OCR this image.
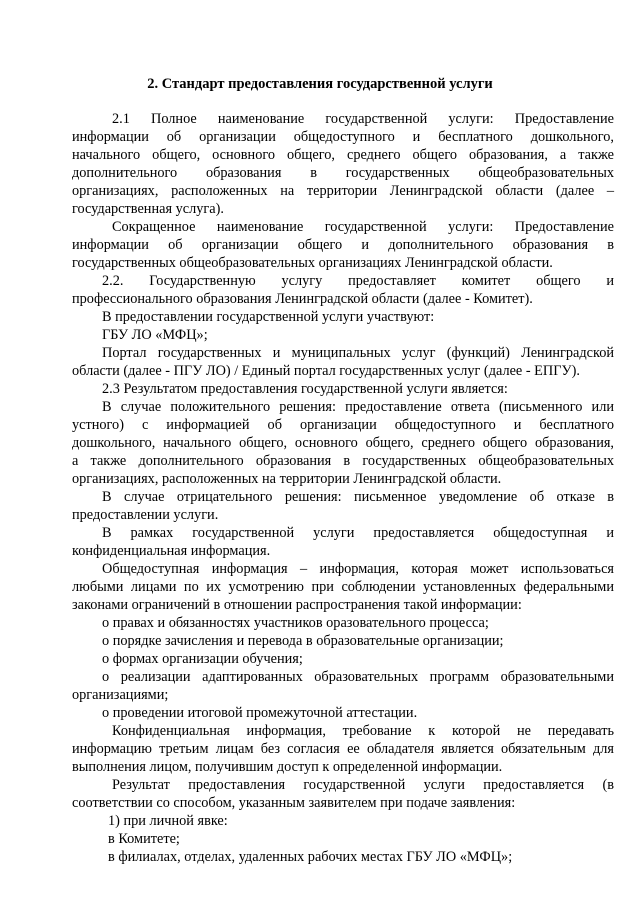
2. Стандарт предоставления государственной услуги
2.1 Полное наименование государственной услуги: Предоставление
информации об организации общедоступного и бесплатного дошкольного,
начального общего, основного общего, среднего общего образования, а также
дополнительного образования в государственных общеобразовательных
организациях, расположенных на территории Ленинградской области (далее –
государственная услуга).
Сокращенное наименование государственной услуги: Предоставление
информации об организации общего и дополнительного образования в
государственных общеобразовательных организациях Ленинградской области.
2.2. Государственную услугу предоставляет комитет общего и
профессионального образования Ленинградской области (далее - Комитет).
В предоставлении государственной услуги участвуют:
ГБУ ЛО «МФЦ»;
Портал государственных и муниципальных услуг (функций) Ленинградской
области (далее - ПГУ ЛО) / Единый портал государственных услуг (далее - ЕПГУ).
2.3 Результатом предоставления государственной услуги является:
В случае положительного решения: предоставление ответа (письменного или
устного) с информацией об организации общедоступного и бесплатного
дошкольного, начального общего, основного общего, среднего общего образования,
а также дополнительного образования в государственных общеобразовательных
организациях, расположенных на территории Ленинградской области.
В случае отрицательного решения: письменное уведомление об отказе в
предоставлении услуги.
В рамках государственной услуги предоставляется общедоступная и
конфиденциальная информация.
Общедоступная информация – информация, которая может использоваться
любыми лицами по их усмотрению при соблюдении установленных федеральными
законами ограничений в отношении распространения такой информации:
о правах и обязанностях участников оразовательного процесса;
о порядке зачисления и перевода в образовательные организации;
о формах организации обучения;
о реализации адаптированных образовательных программ образовательными
организациями;
о проведении итоговой промежуточной аттестации.
Конфиденциальная информация, требование к которой не передавать
информацию третьим лицам без согласия ее обладателя является обязательным для
выполнения лицом, получившим доступ к определенной информации.
Результат предоставления государственной услуги предоставляется (в
соответствии со способом, указанным заявителем при подаче заявления:
1) при личной явке:
в Комитете;
в филиалах, отделах, удаленных рабочих местах ГБУ ЛО «МФЦ»;
